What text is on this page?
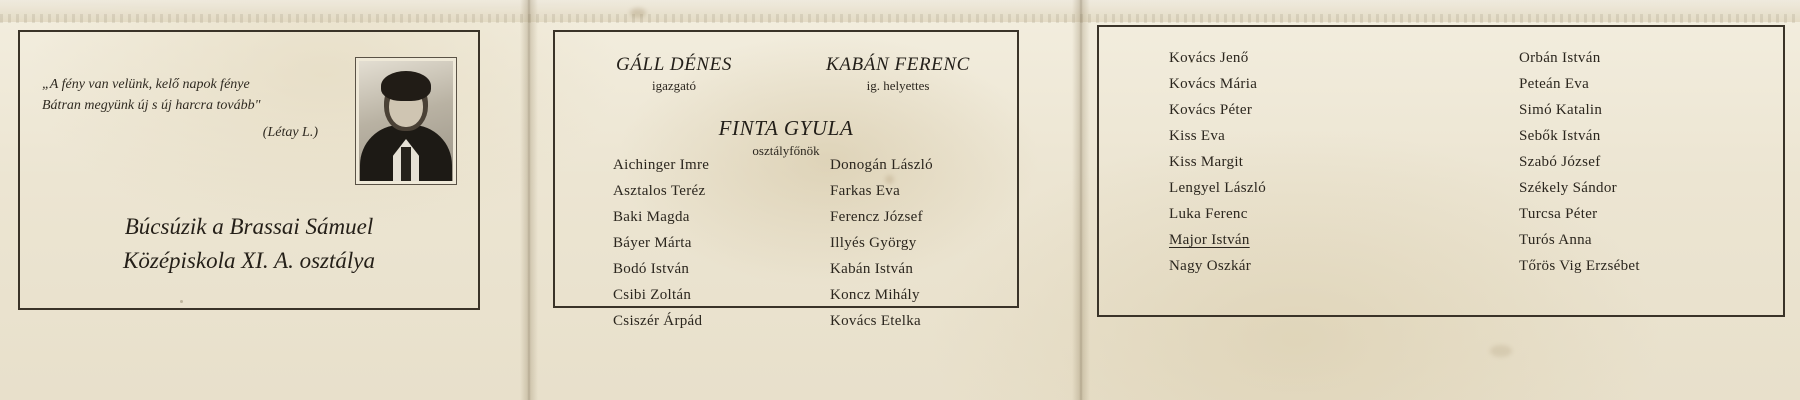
„A fény van velünk, kelő napok fénye
Bátran megyünk új s új harcra tovább"
(Létay L.)
Búcsúzik a Brassai Sámuel
Középiskola XI. A. osztálya
GÁLL DÉNES
igazgató
KABÁN FERENC
ig. helyettes
FINTA GYULA
osztályfőnök
Aichinger Imre
Asztalos Teréz
Baki Magda
Báyer Márta
Bodó István
Csibi Zoltán
Csiszér Árpád
Donogán László
Farkas Eva
Ferencz József
Illyés György
Kabán István
Koncz Mihály
Kovács Etelka
Kovács Jenő
Kovács Mária
Kovács Péter
Kiss Eva
Kiss Margit
Lengyel László
Luka Ferenc
Major István
Nagy Oszkár
Orbán István
Peteán Eva
Simó Katalin
Sebők István
Szabó József
Székely Sándor
Turcsa Péter
Turós Anna
Tőrös Vig Erzsébet
